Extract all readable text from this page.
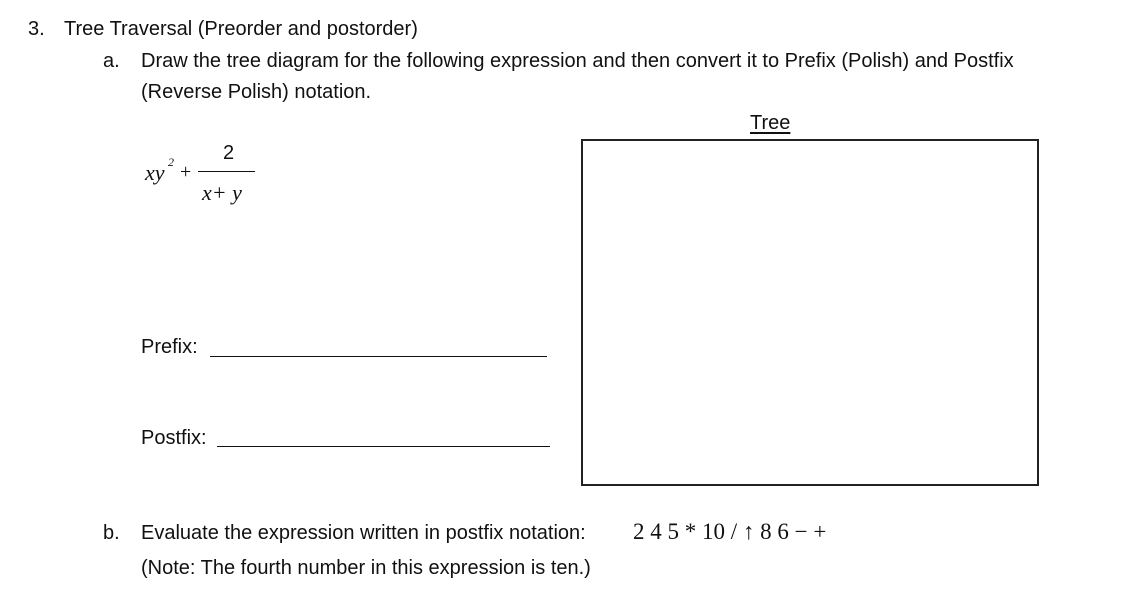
3. Tree Traversal (Preorder and postorder)
a. Draw the tree diagram for the following expression and then convert it to Prefix (Polish) and Postfix
(Reverse Polish) notation.
xy 2 +
2
x+ y
Tree
Prefix:
Postfix:
b. Evaluate the expression written in postfix notation: 2 4 5 * 10 / ↑ 8 6 − +
(Note: The fourth number in this expression is ten.)
